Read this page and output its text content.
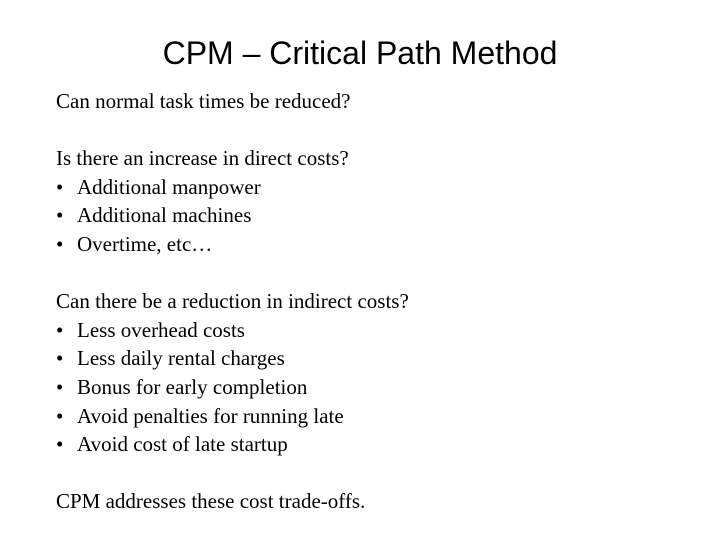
CPM – Critical Path Method
Can normal task times be reduced?
Is there an increase in direct costs?
• Additional manpower
• Additional machines
• Overtime, etc…
Can there be a reduction in indirect costs?
• Less overhead costs
• Less daily rental charges
• Bonus for early completion
• Avoid penalties for running late
• Avoid cost of late startup
CPM addresses these cost trade-offs.
